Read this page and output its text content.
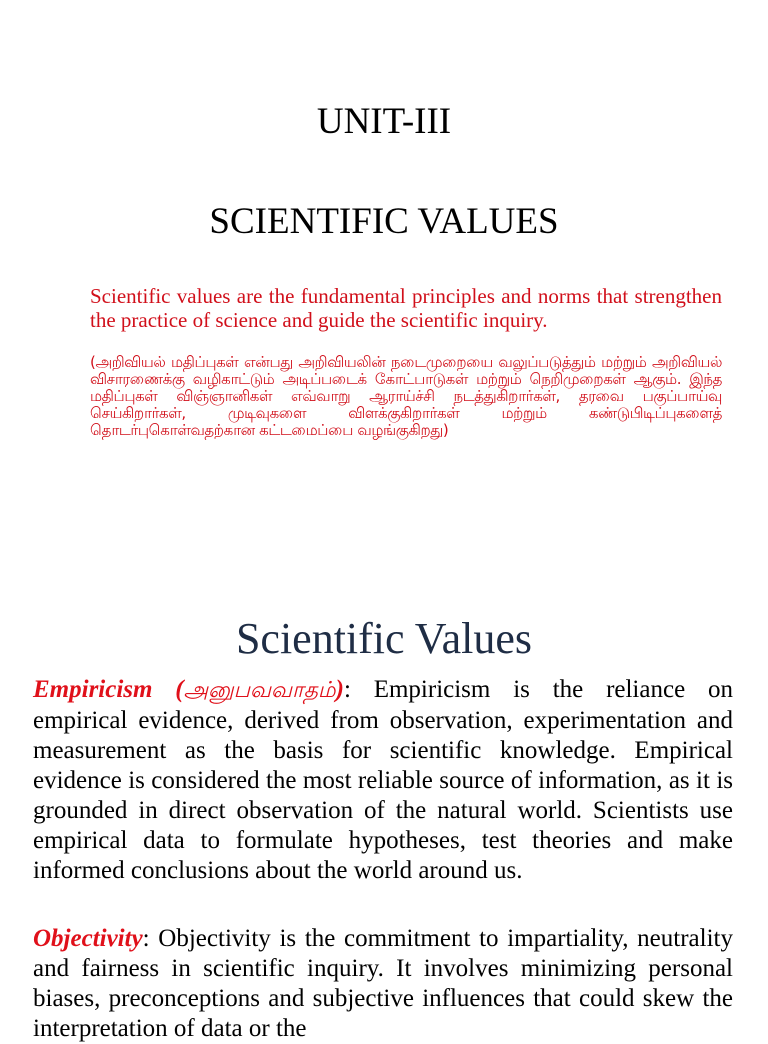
UNIT-III
SCIENTIFIC VALUES

Scientific values are the fundamental principles and norms that strengthen the practice of science and guide the scientific inquiry.

(அறிவியல் மதிப்புகள் என்பது அறிவியலின் நடைமுறையை வலுப்படுத்தும் மற்றும் அறிவியல் விசாரணைக்கு வழிகாட்டும் அடிப்படைக் கோட்பாடுகள் மற்றும் நெறிமுறைகள் ஆகும். இந்த மதிப்புகள் விஞ்ஞானிகள் எவ்வாறு ஆராய்ச்சி நடத்துகிறார்கள், தரவை பகுப்பாய்வு செய்கிறார்கள், முடிவுகளை விளக்குகிறார்கள் மற்றும் கண்டுபிடிப்புகளைத் தொடர்புகொள்வதற்கான கட்டமைப்பை வழங்குகிறது)

Scientific Values

Empiricism (அனுபவவாதம்): Empiricism is the reliance on empirical evidence, derived from observation, experimentation and measurement as the basis for scientific knowledge. Empirical evidence is considered the most reliable source of information, as it is grounded in direct observation of the natural world. Scientists use empirical data to formulate hypotheses, test theories and make informed conclusions about the world around us.

Objectivity: Objectivity is the commitment to impartiality, neutrality and fairness in scientific inquiry. It involves minimizing personal biases, preconceptions and subjective influences that could skew the interpretation of data or the
